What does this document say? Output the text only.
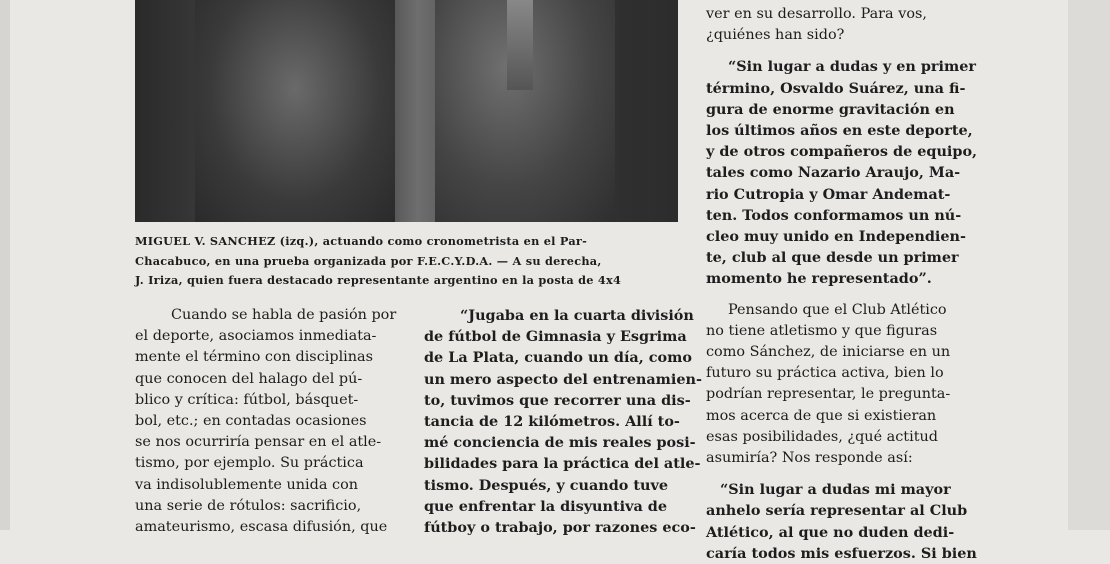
MIGUEL V. SANCHEZ (izq.), actuando como cronometrista en el Par-
Chacabuco, en una prueba organizada por F.E.C.Y.D.A. — A su derecha,
J. Iriza, quien fuera destacado representante argentino en la posta de 4x4
Cuando se habla de pasión por
el deporte, asociamos inmediata-
mente el término con disciplinas
que conocen del halago del pú-
blico y crítica: fútbol, básquet-
bol, etc.; en contadas ocasiones
se nos ocurriría pensar en el atle-
tismo, por ejemplo. Su práctica
va indisolublemente unida con
una serie de rótulos: sacrificio,
amateurismo, escasa difusión, que
“Jugaba en la cuarta división
de fútbol de Gimnasia y Esgrima
de La Plata, cuando un día, como
un mero aspecto del entrenamien-
to, tuvimos que recorrer una dis-
tancia de 12 kilómetros. Allí to-
mé conciencia de mis reales posi-
bilidades para la práctica del atle-
tismo. Después, y cuando tuve
que enfrentar la disyuntiva de
fútboy o trabajo, por razones eco-
ver en su desarrollo. Para vos,
¿quiénes han sido?
“Sin lugar a dudas y en primer
término, Osvaldo Suárez, una fi-
gura de enorme gravitación en
los últimos años en este deporte,
y de otros compañeros de equipo,
tales como Nazario Araujo, Ma-
rio Cutropia y Omar Andemat-
ten. Todos conformamos un nú-
cleo muy unido en Independien-
te, club al que desde un primer
momento he representado”.
Pensando que el Club Atlético
no tiene atletismo y que figuras
como Sánchez, de iniciarse en un
futuro su práctica activa, bien lo
podrían representar, le pregunta-
mos acerca de que si existieran
esas posibilidades, ¿qué actitud
asumiría? Nos responde así:
“Sin lugar a dudas mi mayor
anhelo sería representar al Club
Atlético, al que no duden dedi-
caría todos mis esfuerzos. Si bien
